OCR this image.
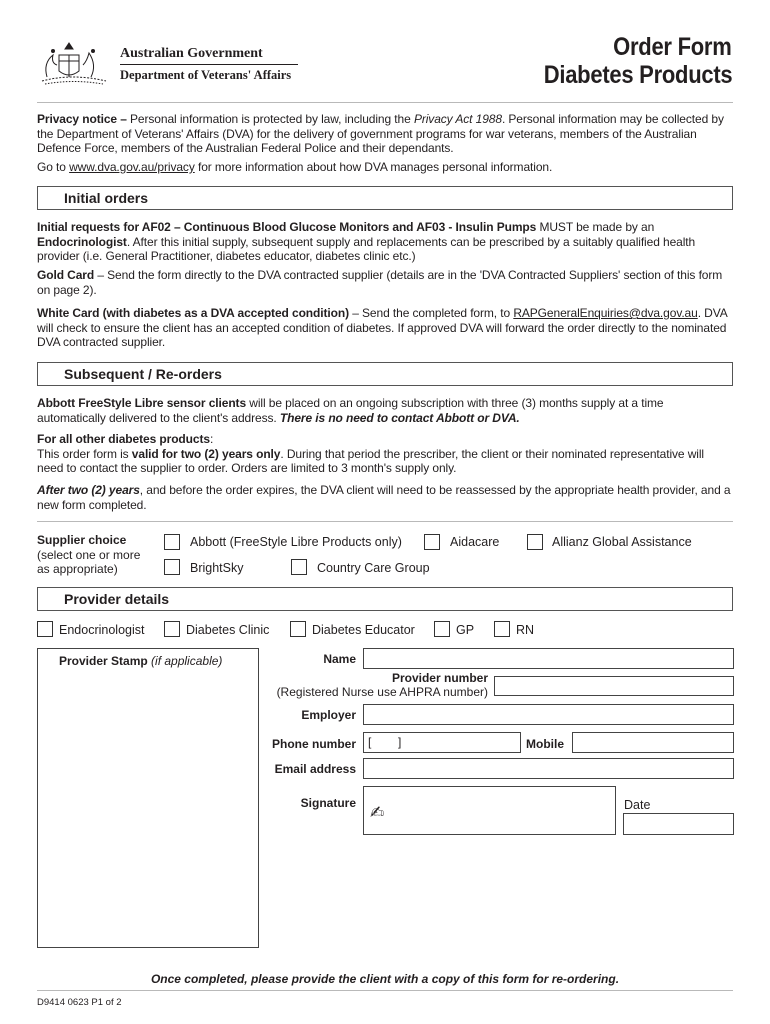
Australian Government
Department of Veterans' Affairs
Order Form
Diabetes Products
Privacy notice – Personal information is protected by law, including the Privacy Act 1988. Personal information may be collected by the Department of Veterans' Affairs (DVA) for the delivery of government programs for war veterans, members of the Australian Defence Force, members of the Australian Federal Police and their dependants.
Go to www.dva.gov.au/privacy for more information about how DVA manages personal information.
Initial orders
Initial requests for AF02 – Continuous Blood Glucose Monitors and AF03 - Insulin Pumps MUST be made by an Endocrinologist. After this initial supply, subsequent supply and replacements can be prescribed by a suitably qualified health provider (i.e. General Practitioner, diabetes educator, diabetes clinic etc.)
Gold Card – Send the form directly to the DVA contracted supplier (details are in the 'DVA Contracted Suppliers' section of this form on page 2).
White Card (with diabetes as a DVA accepted condition) – Send the completed form, to RAPGeneralEnquiries@dva.gov.au. DVA will check to ensure the client has an accepted condition of diabetes. If approved DVA will forward the order directly to the nominated DVA contracted supplier.
Subsequent / Re-orders
Abbott FreeStyle Libre sensor clients will be placed on an ongoing subscription with three (3) months supply at a time automatically delivered to the client's address. There is no need to contact Abbott or DVA.
For all other diabetes products:
This order form is valid for two (2) years only. During that period the prescriber, the client or their nominated representative will need to contact the supplier to order. Orders are limited to 3 month's supply only.
After two (2) years, and before the order expires, the DVA client will need to be reassessed by the appropriate health provider, and a new form completed.
Supplier choice
(select one or more
as appropriate)
Abbott (FreeStyle Libre Products only)	Aidacare	Allianz Global Assistance
BrightSky	Country Care Group
Provider details
Endocrinologist	Diabetes Clinic	Diabetes Educator	GP	RN
Provider Stamp (if applicable)	Name
Provider number
(Registered Nurse use AHPRA number)
Employer
Phone number [        ]	Mobile
Email address
Signature ✍	Date
Once completed, please provide the client with a copy of this form for re-ordering.
D9414 0623 P1 of 2
